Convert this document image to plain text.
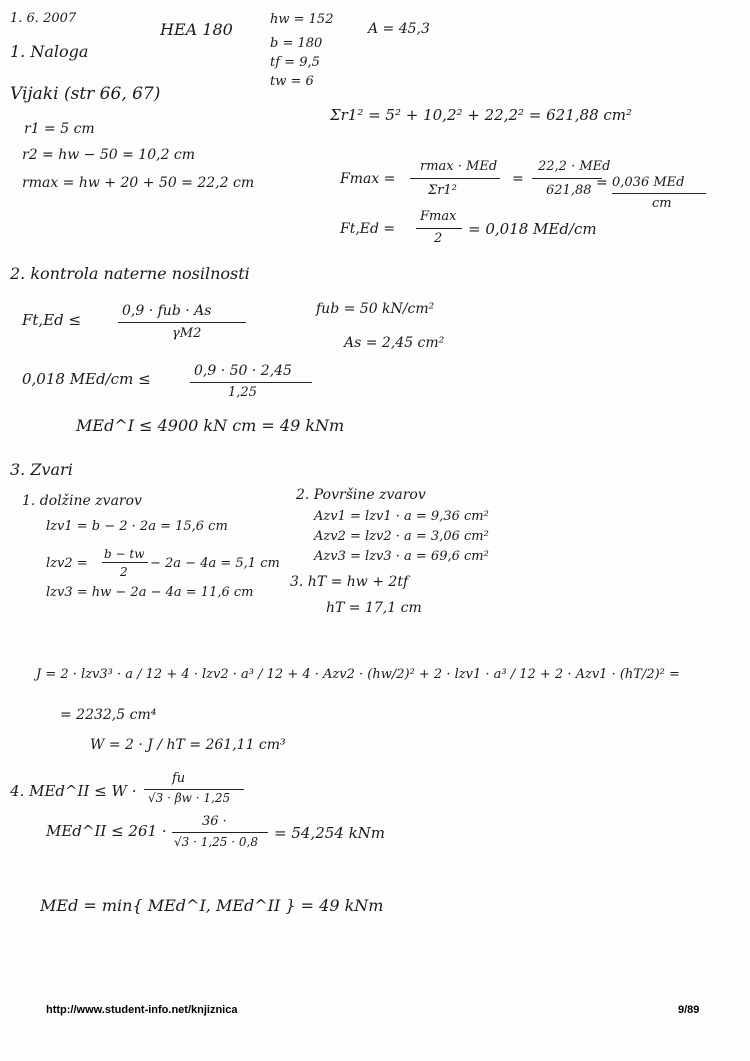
1. 6. 2007
HEA 180
hw = 152
b = 180
tf = 9,5
tw = 6
A = 45,3
1. Naloga
Vijaki (str 66, 67)
Σr1² = 5² + 10,2² + 22,2² = 621,88 cm²
r1 = 5 cm
r2 = hw − 50 = 10,2 cm
rmax = hw + 20 + 50 = 22,2 cm	Fmax =
rmax · MEd
Σr1²
=
22,2 · MEd
621,88 = 0,036 MEd
cm
Ft,Ed =
Fmax
2
= 0,018 MEd/cm
2. kontrola naterne nosilnosti
Ft,Ed ≤	0,9 · fub · As
γM2
fub = 50 kN/cm²
As = 2,45 cm²
0,018 MEd/cm ≤	0,9 · 50 · 2,45
1,25
MEd^I ≤ 4900 kN cm = 49 kNm
3. Zvari
1. dolžine zvarov
lzv1 = b − 2 · 2a = 15,6 cm
lzv2 =
b − tw
2
− 2a − 4a = 5,1 cm
lzv3 = hw − 2a − 4a = 11,6 cm
2. Površine zvarov
Azv1 = lzv1 · a = 9,36 cm²
Azv2 = lzv2 · a = 3,06 cm²
Azv3 = lzv3 · a = 69,6 cm²
3. hT = hw + 2tf
hT = 17,1 cm
J = 2 · lzv3³ · a / 12 + 4 · lzv2 · a³ / 12 + 4 · Azv2 · (hw/2)² + 2 · lzv1 · a³ / 12 + 2 · Azv1 · (hT/2)² =
= 2232,5 cm⁴
W = 2 · J / hT = 261,11 cm³
4. MEd^II ≤ W ·
fu
√3 · βw · 1,25
MEd^II ≤ 261 ·
36 ·
√3 · 1,25 · 0,8 = 54,254 kNm
MEd = min{ MEd^I, MEd^II } = 49 kNm
http://www.student-info.net/knjiznica	9/89
